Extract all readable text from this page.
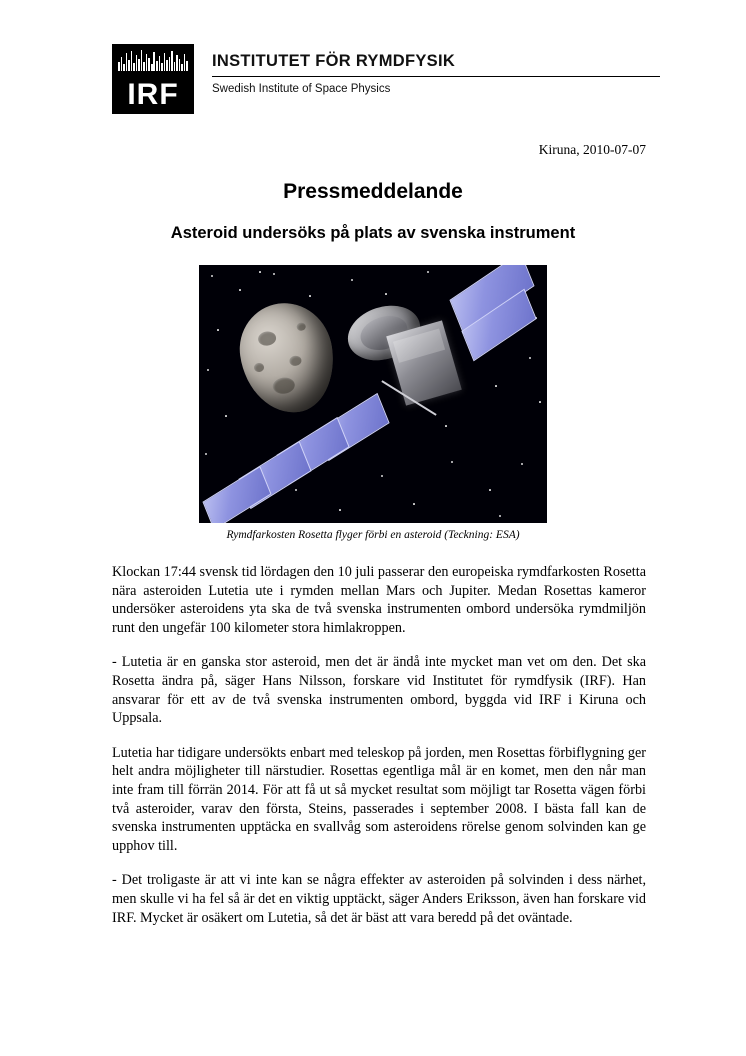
IRF
INSTITUTET FÖR RYMDFYSIK
Swedish Institute of Space Physics
Kiruna, 2010-07-07
Pressmeddelande
Asteroid undersöks på plats av svenska instrument
Rymdfarkosten Rosetta flyger förbi en asteroid (Teckning: ESA)

Klockan 17:44 svensk tid lördagen den 10 juli passerar den europeiska rymdfarkosten Rosetta nära asteroiden Lutetia ute i rymden mellan Mars och Jupiter. Medan Rosettas kameror undersöker asteroidens yta ska de två svenska instrumenten ombord undersöka rymdmiljön runt den ungefär 100 kilometer stora himlakroppen.

- Lutetia är en ganska stor asteroid, men det är ändå inte mycket man vet om den. Det ska Rosetta ändra på, säger Hans Nilsson, forskare vid Institutet för rymdfysik (IRF). Han ansvarar för ett av de två svenska instrumenten ombord, byggda vid IRF i Kiruna och Uppsala.

Lutetia har tidigare undersökts enbart med teleskop på jorden, men Rosettas förbiflygning ger helt andra möjligheter till närstudier. Rosettas egentliga mål är en komet, men den når man inte fram till förrän 2014. För att få ut så mycket resultat som möjligt tar Rosetta vägen förbi två asteroider, varav den första, Steins, passerades i september 2008. I bästa fall kan de svenska instrumenten upptäcka en svallvåg som asteroidens rörelse genom solvinden kan ge upphov till.

- Det troligaste är att vi inte kan se några effekter av asteroiden på solvinden i dess närhet, men skulle vi ha fel så är det en viktig upptäckt, säger Anders Eriksson, även han forskare vid IRF. Mycket är osäkert om Lutetia, så det är bäst att vara beredd på det oväntade.
